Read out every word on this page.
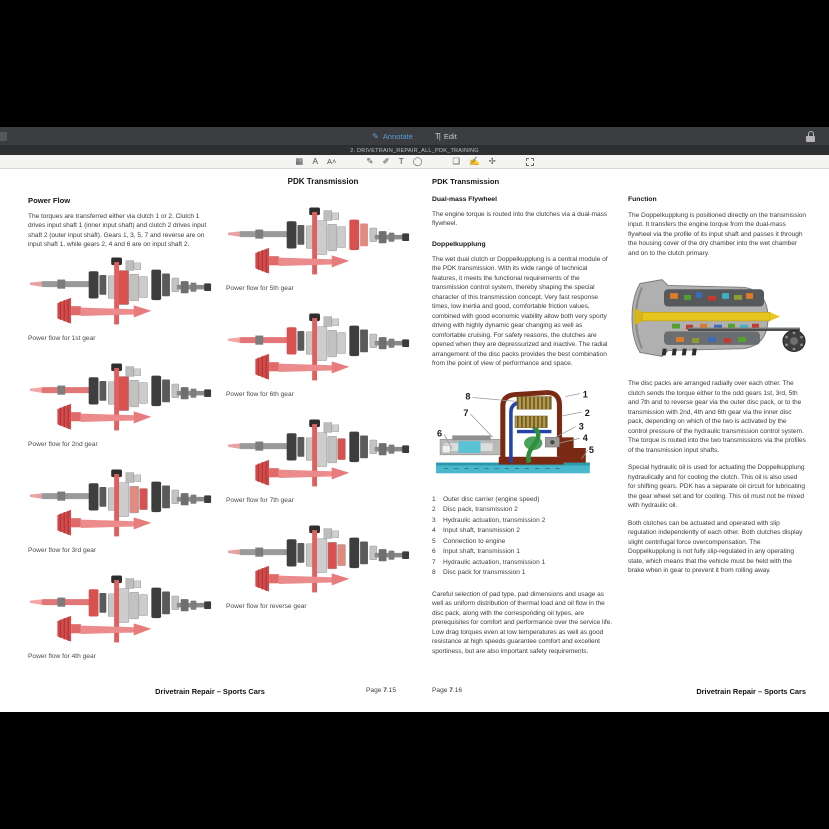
✎ Annotate	T| Edit
2. DRIVETRAIN_REPAIR_ALL_PDK_TRAINING
▦ A A˄	✎ ✐ T ◯	❏ ✍ ✢
Power Flow
The torques are transferred either via clutch 1 or 2. Clutch 1 drives input shaft 1 (inner input shaft) and clutch 2 drives input shaft 2 (outer input shaft). Gears 1, 3, 5, 7 and reverse are on input shaft 1, while gears 2, 4 and 6 are on input shaft 2.
Power flow for 1st gear
Power flow for 2nd gear
Power flow for 3rd gear
Power flow for 4th gear
PDK Transmission
Power flow for 5th gear
Power flow for 6th gear
Power flow for 7th gear
Power flow for reverse gear
PDK Transmission
Dual-mass Flywheel
The engine torque is routed into the clutches via a dual-mass flywheel.
Doppelkupplung
The wet dual clutch or Doppelkupplung is a central module of the PDK transmission. With its wide range of technical features, it meets the functional requirements of the transmission control system, thereby shaping the special character of this transmission concept. Very fast response times, low inertia and good, comfortable friction values, combined with good economic viability allow both very sporty driving with highly dynamic gear changing as well as comfortable cruising. For safety reasons, the clutches are opened when they are depressurized and inactive. The radial arrangement of the disc packs provides the best combination from the point of view of performance and space.
1
2
3
4
5
6
7
8
1	Outer disc carrier (engine speed)
2	Disc pack, transmission 2
3	Hydraulic actuation, transmission 2
4	Input shaft, transmission 2
5	Connection to engine
6	Input shaft, transmission 1
7	Hydraulic actuation, transmission 1
8	Disc pack for transmission 1
Careful selection of pad type, pad dimensions and usage as well as uniform distribution of thermal load and oil flow in the disc pack, along with the corresponding oil types, are prerequisites for comfort and performance over the service life. Low drag torques even at low temperatures as well as good resistance at high speeds guarantee comfort and excellent sportiness, but are also important safety requirements.
Function
The Doppelkupplung is positioned directly on the transmission input. It transfers the engine torque from the dual-mass flywheel via the profile of its input shaft and passes it through the housing cover of the dry chamber into the wet chamber and on to the clutch primary.
The disc packs are arranged radially over each other. The clutch sends the torque either to the odd gears 1st, 3rd, 5th and 7th and to reverse gear via the outer disc pack, or to the transmission with 2nd, 4th and 6th gear via the inner disc pack, depending on which of the two is activated by the control pressure of the hydraulic transmission control system. The torque is routed into the two transmissions via the profiles of the transmission input shafts.
Special hydraulic oil is used for actuating the Doppelkupplung hydraulically and for cooling the clutch. This oil is also used for shifting gears. PDK has a separate oil circuit for lubricating the gear wheel set and for cooling. This oil must not be mixed with hydraulic oil.
Both clutches can be actuated and operated with slip regulation independently of each other. Both clutches display slight centrifugal force overcompensation. The Doppelkupplung is not fully slip-regulated in any operating state, which means that the vehicle must be held with the brake when in gear to prevent it from rolling away.
Drivetrain Repair – Sports Cars	Page 7.15	Page 7.16	Drivetrain Repair – Sports Cars
